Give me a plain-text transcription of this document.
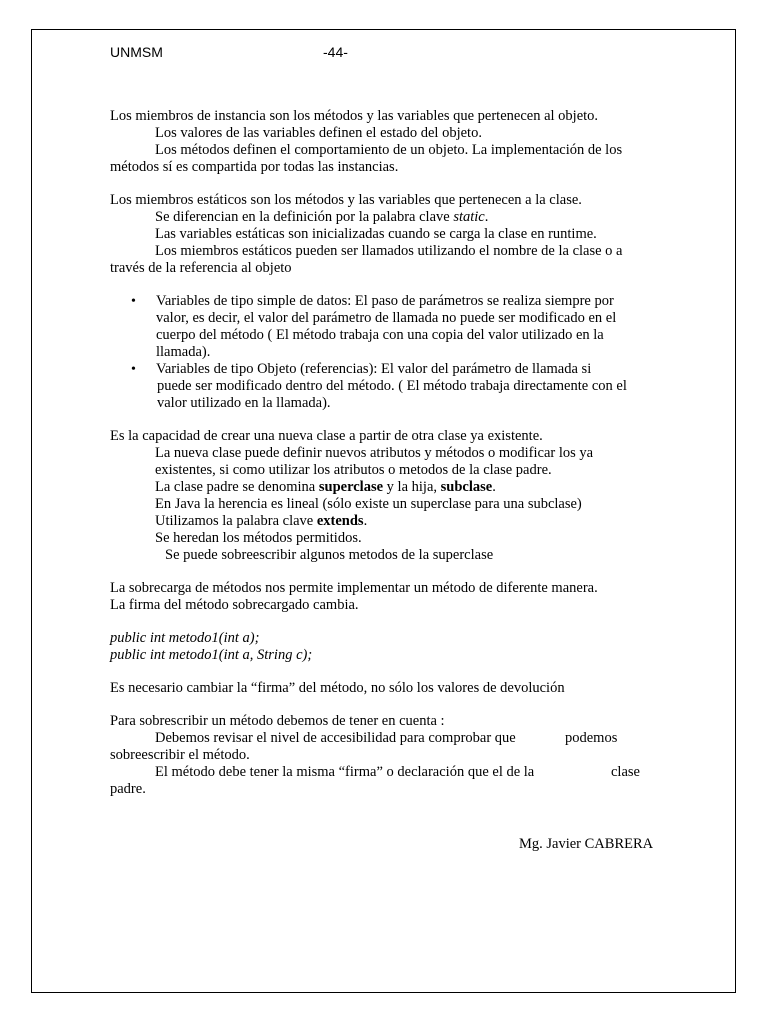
UNMSM	-44-
Los miembros de instancia son los métodos y las variables que pertenecen al objeto.
Los valores de las variables definen el estado del objeto.
Los métodos definen el comportamiento de un objeto. La implementación de los
métodos sí es compartida por todas las instancias.
Los miembros estáticos son los métodos y las variables que pertenecen a la clase.
Se diferencian en la definición por la palabra clave static.
Las variables estáticas son inicializadas cuando se carga la clase en runtime.
Los miembros estáticos pueden ser llamados utilizando el nombre de la clase o a
través de la referencia al objeto
• Variables de tipo simple de datos: El paso de parámetros se realiza siempre por
valor, es decir, el valor del parámetro de llamada no puede ser modificado en el
cuerpo del método ( El método trabaja con una copia del valor utilizado en la
llamada).
• Variables de tipo Objeto (referencias): El valor del parámetro de llamada si
puede ser modificado dentro del método. ( El método trabaja directamente con el
valor utilizado en la llamada).
Es la capacidad de crear una nueva clase a partir de otra clase ya existente.
La nueva clase puede definir nuevos atributos y métodos o modificar los ya
existentes, si como utilizar los atributos o metodos de la clase padre.
La clase padre se denomina superclase y la hija, subclase.
En Java la herencia es lineal (sólo existe un superclase para una subclase)
Utilizamos la palabra clave extends.
Se heredan los métodos permitidos.
Se puede sobreescribir algunos metodos de la superclase
La sobrecarga de métodos nos permite implementar un método de diferente manera.
La firma del método sobrecargado cambia.
public int metodo1(int a);
public int metodo1(int a, String c);
Es necesario cambiar la “firma” del método, no sólo los valores de devolución
Para sobrescribir un método debemos de tener en cuenta :
Debemos revisar el nivel de accesibilidad para comprobar que	podemos
sobreescribir el método.
El método debe tener la misma “firma” o declaración que el de la	clase
padre.
Mg. Javier CABRERA
